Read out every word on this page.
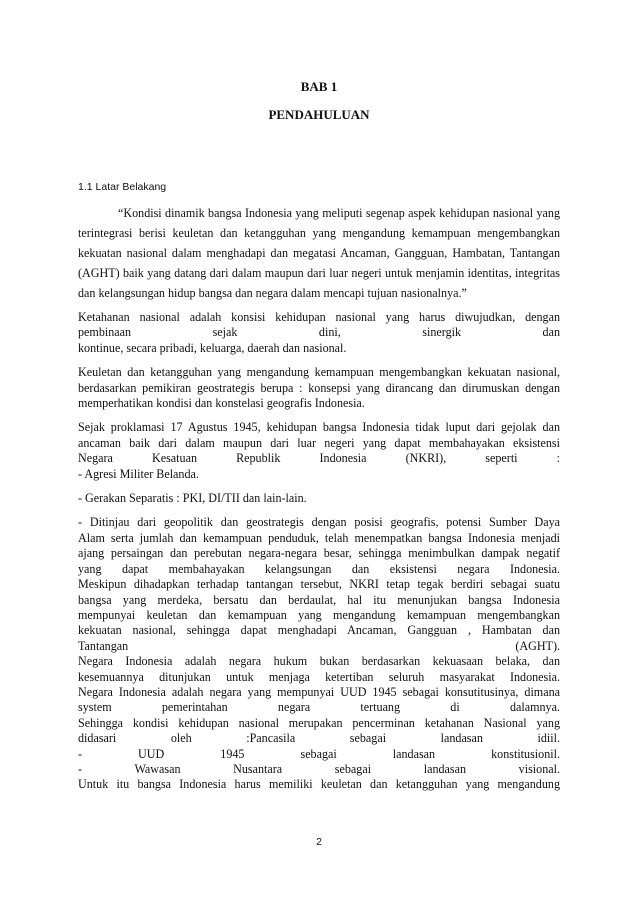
BAB 1
PENDAHULUAN
1.1 Latar Belakang

“Kondisi dinamik bangsa Indonesia yang meliputi segenap aspek kehidupan nasional yang terintegrasi berisi keuletan dan ketangguhan yang mengandung kemampuan mengembangkan kekuatan nasional dalam menghadapi dan megatasi Ancaman, Gangguan, Hambatan, Tantangan (AGHT) baik yang datang dari dalam maupun dari luar negeri untuk menjamin identitas, integritas dan kelangsungan hidup bangsa dan negara dalam mencapi tujuan nasionalnya.”

Ketahanan nasional adalah konsisi kehidupan nasional yang harus diwujudkan, dengan
pembinaan sejak dini, sinergik dan
kontinue, secara pribadi, keluarga, daerah dan nasional.

Keuletan dan ketangguhan yang mengandung kemampuan mengembangkan kekuatan nasional, berdasarkan pemikiran geostrategis berupa : konsepsi yang dirancang dan dirumuskan dengan memperhatikan kondisi dan konstelasi geografis Indonesia.

Sejak proklamasi 17 Agustus 1945, kehidupan bangsa Indonesia tidak luput dari gejolak dan
ancaman baik dari dalam maupun dari luar negeri yang dapat membahayakan eksistensi
Negara Kesatuan Republik Indonesia (NKRI), seperti :
- Agresi Militer Belanda.

- Gerakan Separatis : PKI, DI/TII dan lain-lain.

- Ditinjau dari geopolitik dan geostrategis dengan posisi geografis, potensi Sumber Daya
Alam serta jumlah dan kemampuan penduduk, telah menempatkan bangsa Indonesia menjadi
ajang persaingan dan perebutan negara-negara besar, sehingga menimbulkan dampak negatif
yang dapat membahayakan kelangsungan dan eksistensi negara Indonesia.
Meskipun dihadapkan terhadap tantangan tersebut, NKRI tetap tegak berdiri sebagai suatu
bangsa yang merdeka, bersatu dan berdaulat, hal itu menunjukan bangsa Indonesia
mempunyai keuletan dan kemampuan yang mengandung kemampuan mengembangkan
kekuatan nasional, sehingga dapat menghadapi Ancaman, Gangguan , Hambatan dan
Tantangan (AGHT).
Negara Indonesia adalah negara hukum bukan berdasarkan kekuasaan belaka, dan
kesemuannya ditunjukan untuk menjaga ketertiban seluruh masyarakat Indonesia.
Negara Indonesia adalah negara yang mempunyai UUD 1945 sebagai konsutitusinya, dimana
system pemerintahan negara tertuang di dalamnya.
Sehingga kondisi kehidupan nasional merupakan pencerminan ketahanan Nasional yang
didasari oleh :Pancasila sebagai landasan idiil.
- UUD 1945 sebagai landasan konstitusionil.
- Wawasan Nusantara sebagai landasan visional.
Untuk itu bangsa Indonesia harus memiliki keuletan dan ketangguhan yang mengandung

2
